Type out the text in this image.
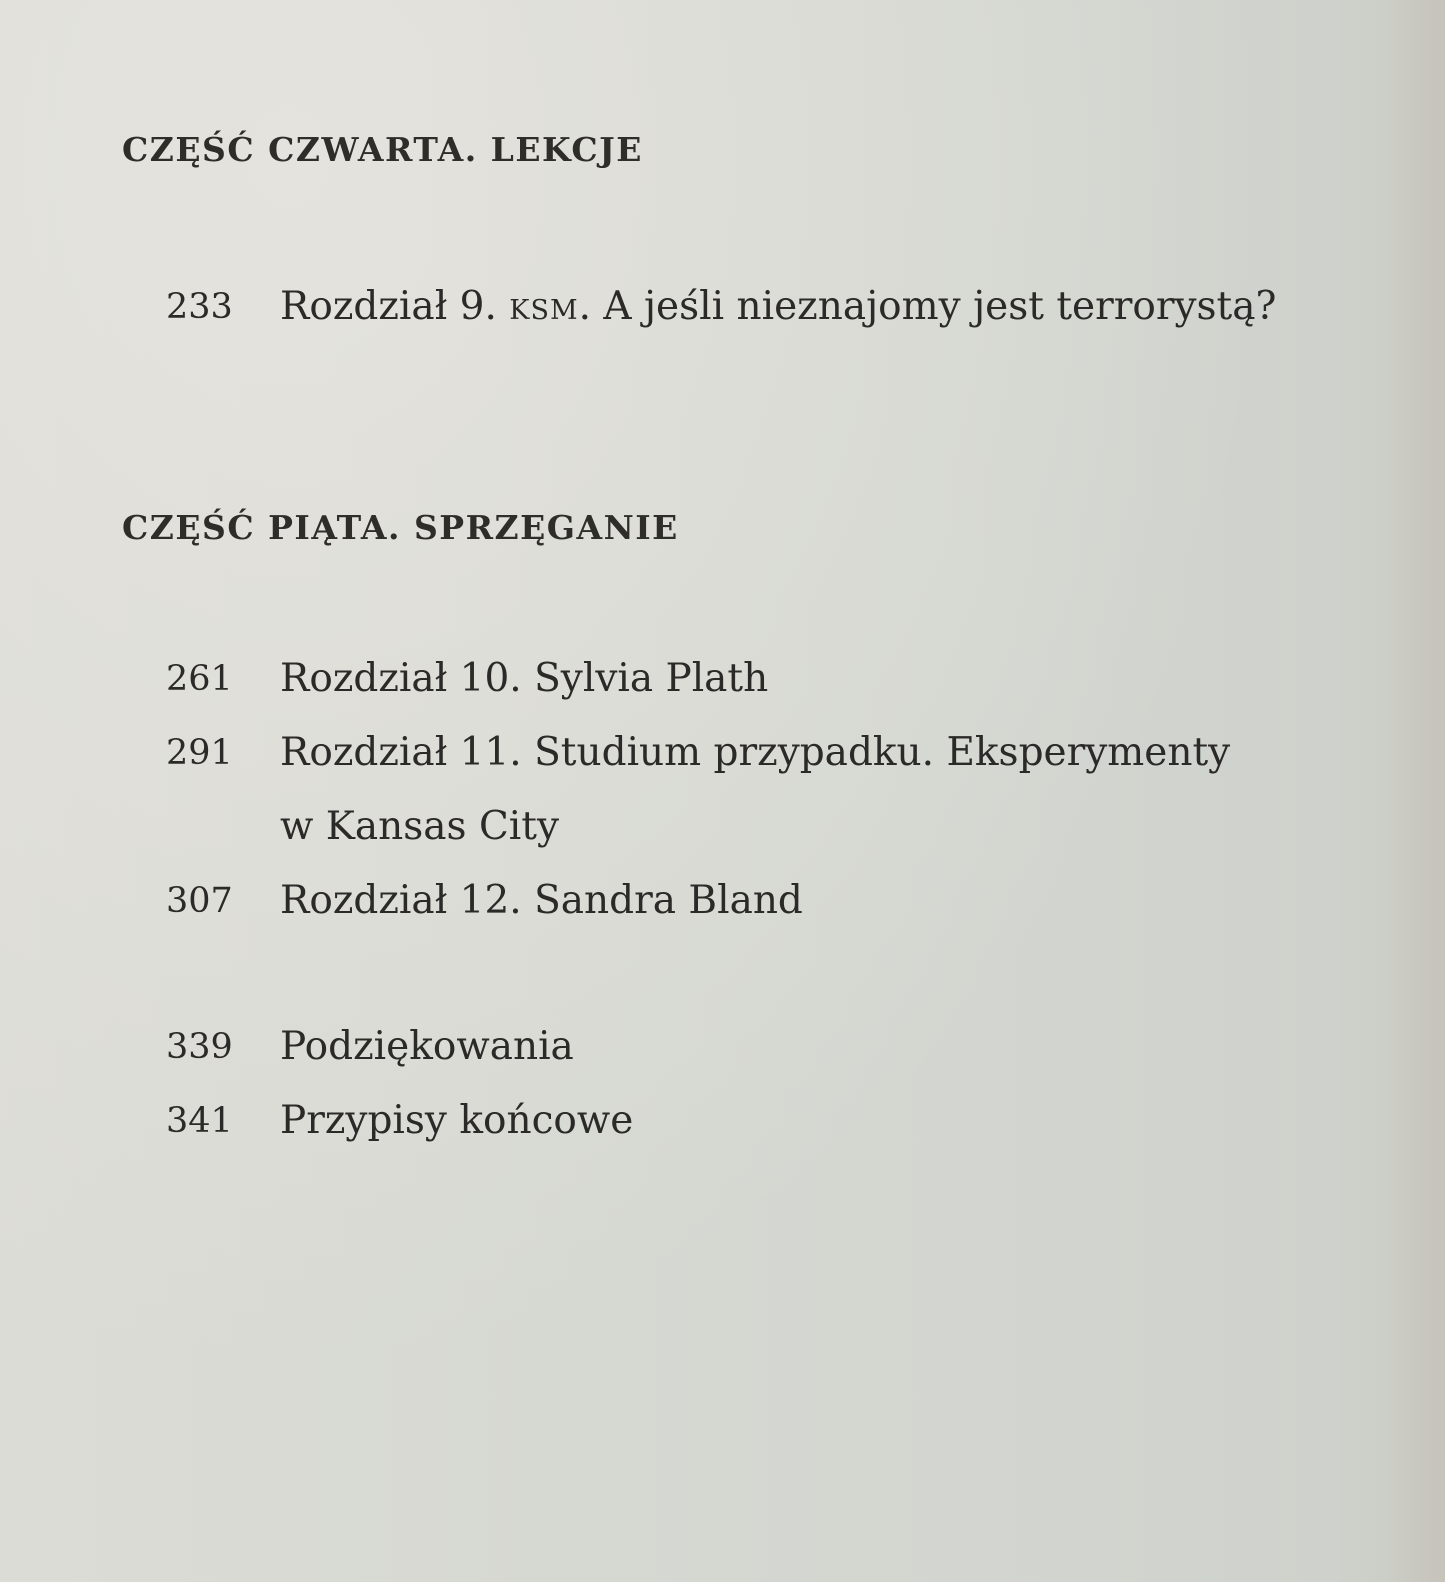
CZĘŚĆ CZWARTA. LEKCJE
233 Rozdział 9. KSM. A jeśli nieznajomy jest terrorystą?
CZĘŚĆ PIĄTA. SPRZĘGANIE
261 Rozdział 10. Sylvia Plath
291 Rozdział 11. Studium przypadku. Eksperymenty
w Kansas City
307 Rozdział 12. Sandra Bland
339 Podziękowania
341 Przypisy końcowe
